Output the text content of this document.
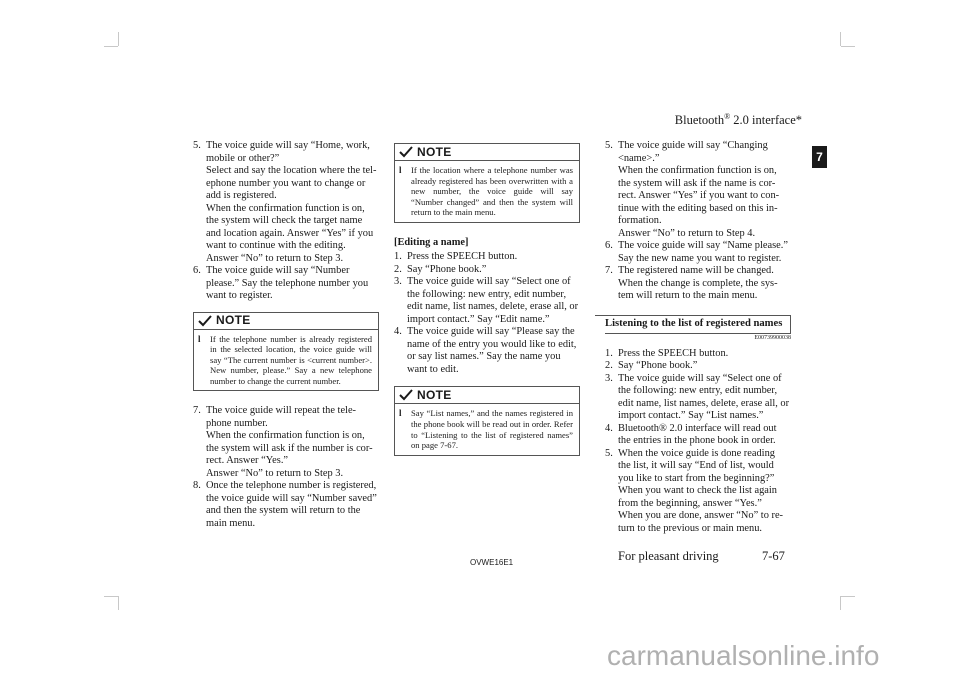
Bluetooth® 2.0 interface*
7
5. The voice guide will say “Home, work,
mobile or other?”
Select and say the location where the tel-
ephone number you want to change or
add is registered.
When the confirmation function is on,
the system will check the target name
and location again. Answer “Yes” if you
want to continue with the editing.
Answer “No” to return to Step 3.
6. The voice guide will say “Number
please.” Say the telephone number you
want to register.
NOTE
l	If the telephone number is already registered in the selected location, the voice guide will say “The current number is <current number>. New number, please.” Say a new telephone number to change the current number.
7. The voice guide will repeat the tele-
phone number.
When the confirmation function is on,
the system will ask if the number is cor-
rect. Answer “Yes.”
Answer “No” to return to Step 3.
8. Once the telephone number is registered,
the voice guide will say “Number saved”
and then the system will return to the
main menu.
NOTE
l	If the location where a telephone number was already registered has been overwritten with a new number, the voice guide will say “Number changed” and then the system will return to the main menu.
[Editing a name]
1. Press the SPEECH button.
2. Say “Phone book.”
3. The voice guide will say “Select one of
the following: new entry, edit number,
edit name, list names, delete, erase all, or
import contact.” Say “Edit name.”
4. The voice guide will say “Please say the
name of the entry you would like to edit,
or say list names.” Say the name you
want to edit.
NOTE
l	Say “List names,” and the names registered in the phone book will be read out in order. Refer to “Listening to the list of registered names” on page 7-67.
5. The voice guide will say “Changing
<name>.”
When the confirmation function is on,
the system will ask if the name is cor-
rect. Answer “Yes” if you want to con-
tinue with the editing based on this in-
formation.
Answer “No” to return to Step 4.
6. The voice guide will say “Name please.”
Say the new name you want to register.
7. The registered name will be changed.
When the change is complete, the sys-
tem will return to the main menu.
Listening to the list of registered names
E00739900038
1. Press the SPEECH button.
2. Say “Phone book.”
3. The voice guide will say “Select one of
the following: new entry, edit number,
edit name, list names, delete, erase all, or
import contact.” Say “List names.”
4. Bluetooth® 2.0 interface will read out
the entries in the phone book in order.
5. When the voice guide is done reading
the list, it will say “End of list, would
you like to start from the beginning?”
When you want to check the list again
from the beginning, answer “Yes.”
When you are done, answer “No” to re-
turn to the previous or main menu.
OVWE16E1	For pleasant driving	7-67
carmanualsonline.info
